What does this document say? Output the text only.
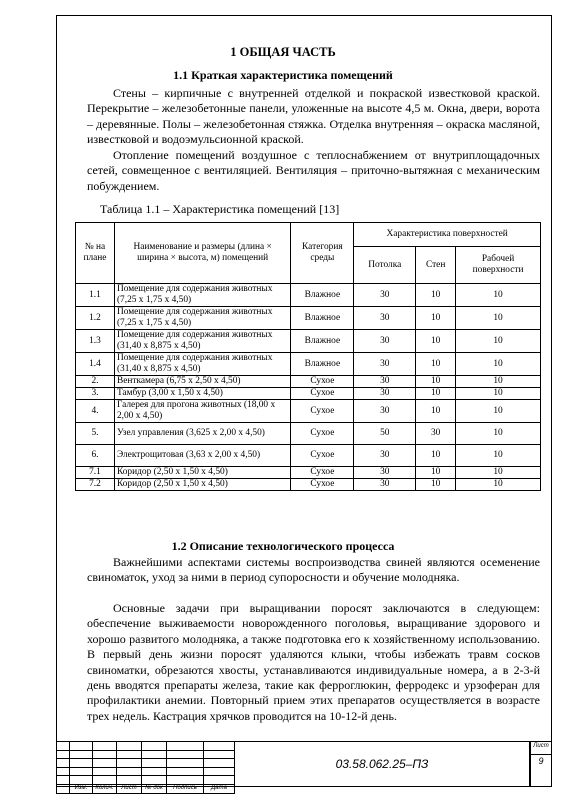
1 ОБЩАЯ ЧАСТЬ
1.1 Краткая характеристика помещений
Стены – кирпичные с внутренней отделкой и покраской известковой краской. Перекрытие – железобетонные панели, уложенные на высоте 4,5 м. Окна, двери, ворота – деревянные. Полы – железобетонная стяжка. Отделка внутренняя – окраска масляной, известковой и водоэмульсионной краской.
Отопление помещений воздушное с теплоснабжением от внутриплощадочных сетей, совмещенное с вентиляцией. Вентиляция – приточно-вытяжная с механическим побуждением.
Таблица 1.1 – Характеристика помещений [13]
№ на плане	Наименование и размеры (длина × ширина × высота, м) помещений	Категория среды	Характеристика поверхностей		
			Потолка	Стен	Рабочей поверхности
1.1	Помещение для содержания животных (7,25 х 1,75 х 4,50)	Влажное	30	10	10
1.2	Помещение для содержания животных (7,25 х 1,75 х 4,50)	Влажное	30	10	10
1.3	Помещение для содержания животных (31,40 х 8,875 х 4,50)	Влажное	30	10	10
1.4	Помещение для содержания животных (31,40 х 8,875 х 4,50)	Влажное	30	10	10
2.	Венткамера (6,75 х 2,50 х 4,50)	Сухое	30	10	10
3.	Тамбур (3,00 х 1,50 х 4,50)	Сухое	30	10	10
4.	Галерея для прогона животных (18,00 х 2,00 х 4,50)	Сухое	30	10	10
5.	Узел управления (3,625 х 2,00 х 4,50)	Сухое	50	30	10
6.	Электрощитовая (3,63 х 2,00 х 4,50)	Сухое	30	10	10
7.1	Коридор (2,50 х 1,50 х 4,50)	Сухое	30	10	10
7.2	Коридор (2,50 х 1,50 х 4,50)	Сухое	30	10	10
1.2 Описание технологического процесса
Важнейшими аспектами системы воспроизводства свиней являются осеменение свиноматок, уход за ними в период супоросности и обучение молодняка.
Основные задачи при выращивании поросят заключаются в следующем: обеспечение выживаемости новорожденного поголовья, выращивание здорового и хорошо развитого молодняка, а также подготовка его к хозяйственному использованию. В первый день жизни поросят удаляются клыки, чтобы избежать травм сосков свиноматки, обрезаются хвосты, устанавливаются индивидуальные номера, а в 2-3-й день вводятся препараты железа, такие как ферроглюкин, ферродекс и урзоферан для профилактики анемии. Повторный прием этих препаратов осуществляется в возрасте трех недель. Кастрация хрячков проводится на 10-12-й день.

	Изм.	Колич.	Лист	№ док	Подпись	Дата
03.58.062.25–ПЗ
Лист
9
